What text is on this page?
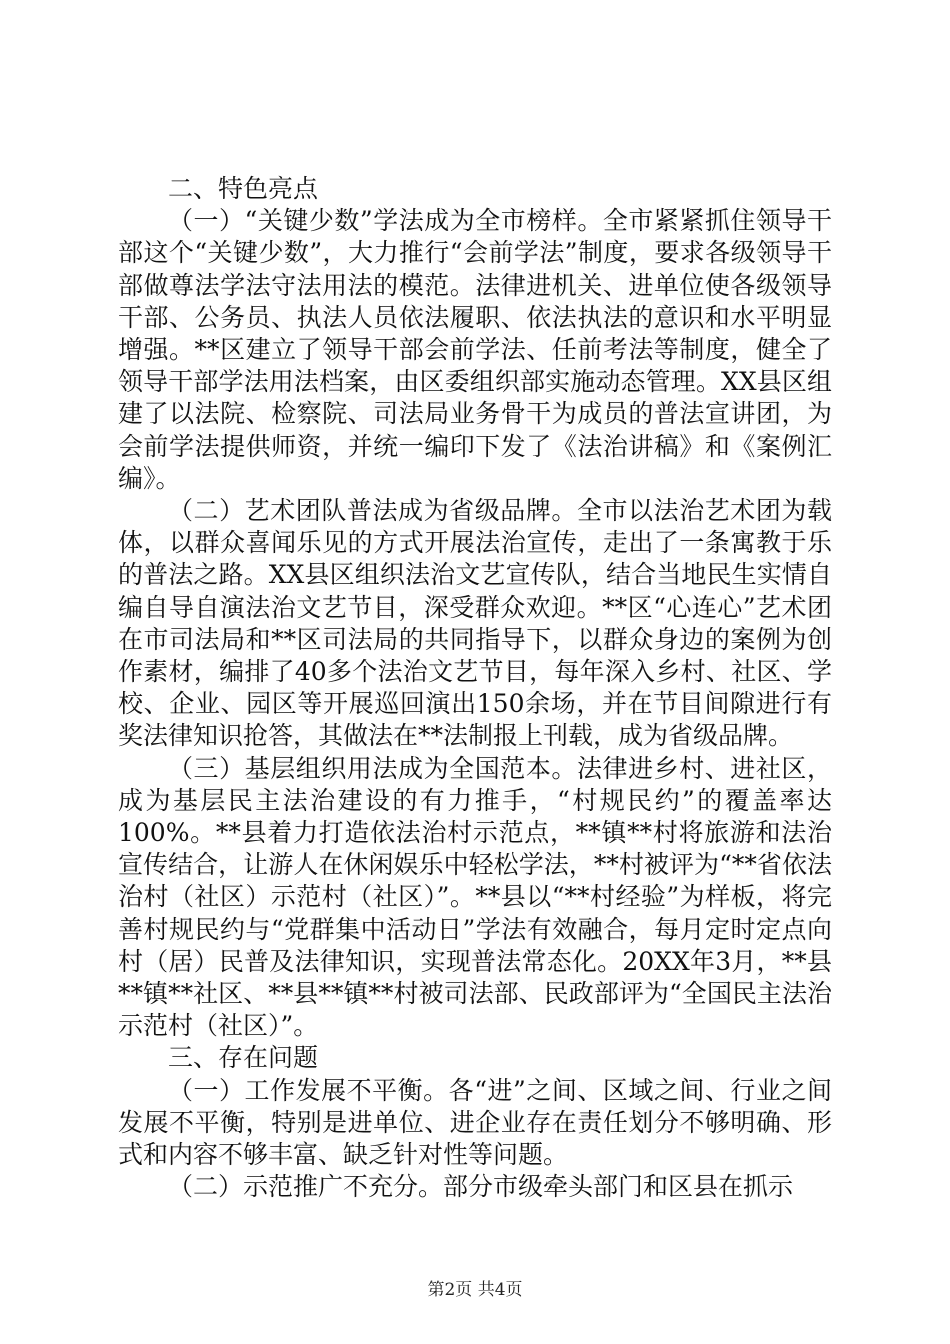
二、特色亮点

（一）“关键少数”学法成为全市榜样。全市紧紧抓住领导干部这个“关键少数”，大力推行“会前学法”制度，要求各级领导干部做尊法学法守法用法的模范。法律进机关、进单位使各级领导干部、公务员、执法人员依法履职、依法执法的意识和水平明显增强。**区建立了领导干部会前学法、任前考法等制度，健全了领导干部学法用法档案，由区委组织部实施动态管理。XX县区组建了以法院、检察院、司法局业务骨干为成员的普法宣讲团，为会前学法提供师资，并统一编印下发了《法治讲稿》和《案例汇编》。

（二）艺术团队普法成为省级品牌。全市以法治艺术团为载体，以群众喜闻乐见的方式开展法治宣传，走出了一条寓教于乐的普法之路。XX县区组织法治文艺宣传队，结合当地民生实情自编自导自演法治文艺节目，深受群众欢迎。**区“心连心”艺术团在市司法局和**区司法局的共同指导下，以群众身边的案例为创作素材，编排了40多个法治文艺节目，每年深入乡村、社区、学校、企业、园区等开展巡回演出150余场，并在节目间隙进行有奖法律知识抢答，其做法在**法制报上刊载，成为省级品牌。

（三）基层组织用法成为全国范本。法律进乡村、进社区，成为基层民主法治建设的有力推手，“村规民约”的覆盖率达100%。**县着力打造依法治村示范点，**镇**村将旅游和法治宣传结合，让游人在休闲娱乐中轻松学法，**村被评为“**省依法治村（社区）示范村（社区）”。**县以“**村经验”为样板，将完善村规民约与“党群集中活动日”学法有效融合，每月定时定点向村（居）民普及法律知识，实现普法常态化。20XX年3月，**县**镇**社区、**县**镇**村被司法部、民政部评为“全国民主法治示范村（社区）”。

三、存在问题

（一）工作发展不平衡。各“进”之间、区域之间、行业之间发展不平衡，特别是进单位、进企业存在责任划分不够明确、形式和内容不够丰富、缺乏针对性等问题。

（二）示范推广不充分。部分市级牵头部门和区县在抓示

第2页 共4页
